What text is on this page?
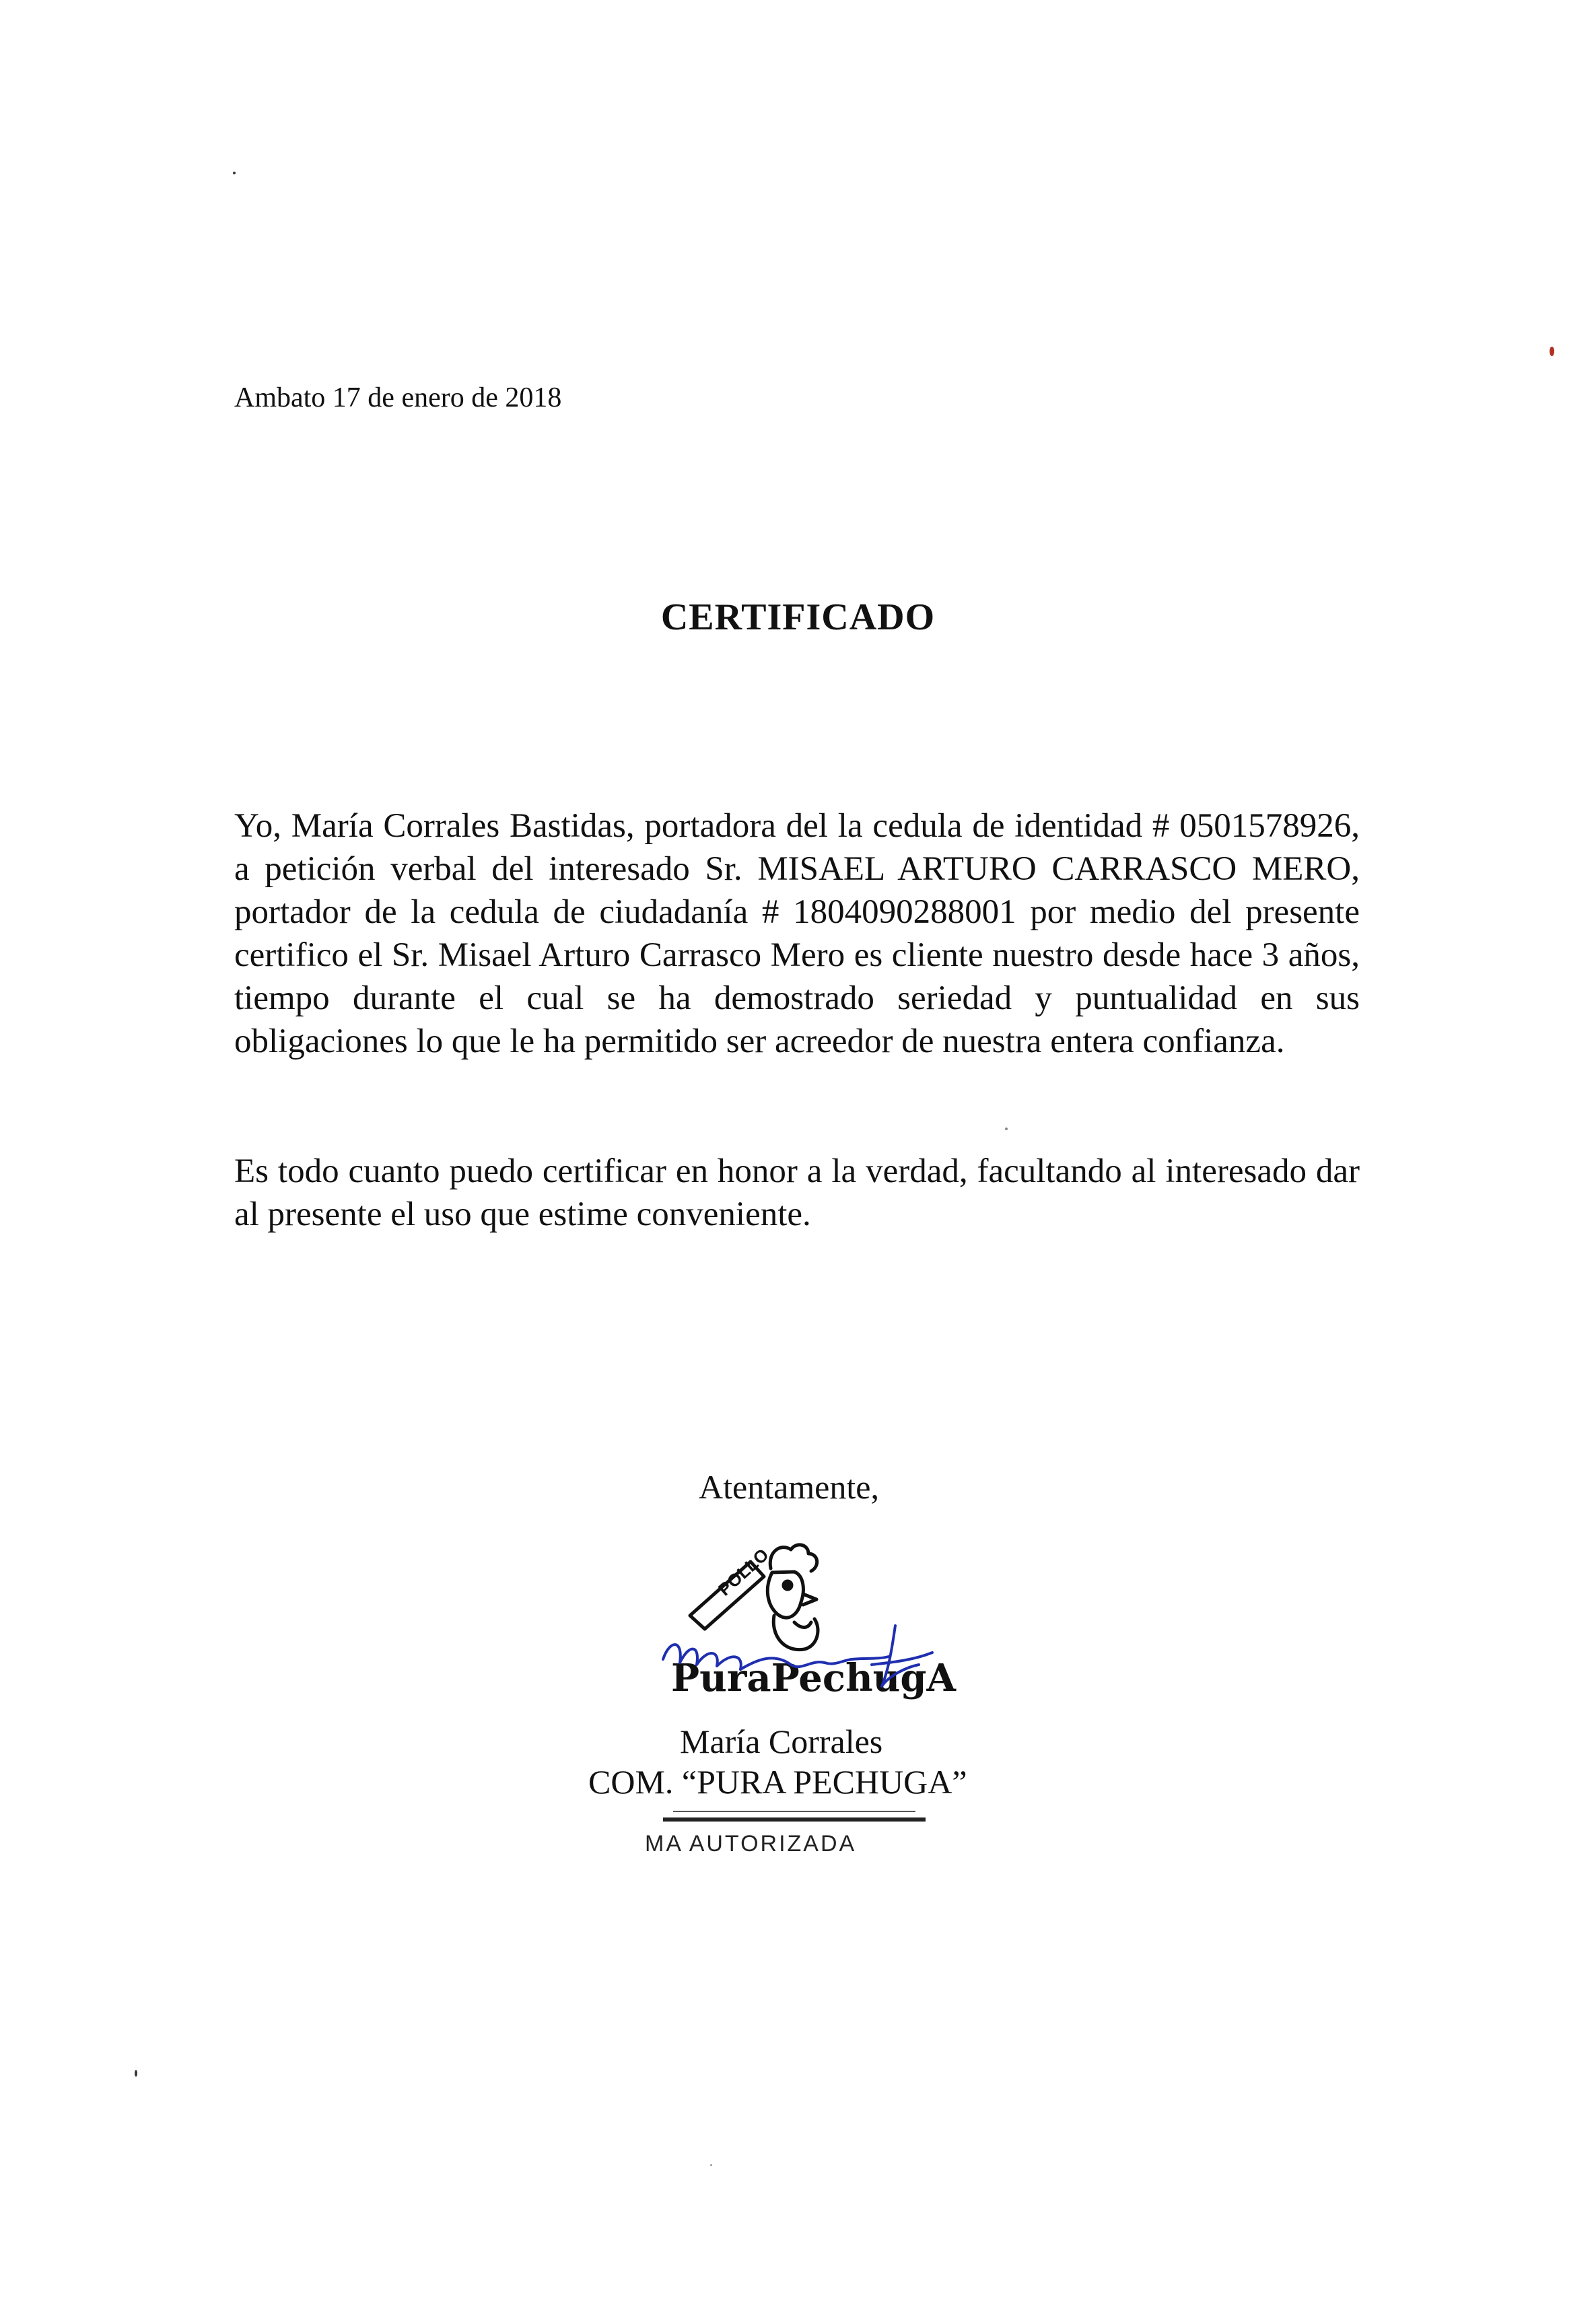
Ambato 17 de enero de 2018

CERTIFICADO

Yo, María Corrales Bastidas, portadora del la cedula de identidad # 0501578926, a petición verbal del interesado Sr. MISAEL ARTURO CARRASCO MERO, portador de la cedula de ciudadanía # 1804090288001 por medio del presente certifico el Sr. Misael Arturo Carrasco Mero es cliente nuestro desde hace 3 años, tiempo durante el cual se ha demostrado seriedad y puntualidad en sus obligaciones lo que le ha permitido ser acreedor de nuestra entera confianza.

Es todo cuanto puedo certificar en honor a la verdad, facultando al interesado dar al presente el uso que estime conveniente.

Atentamente,

POLLO
PuraPechugA

María Corrales

COM. “PURA PECHUGA”

MA AUTORIZADA
